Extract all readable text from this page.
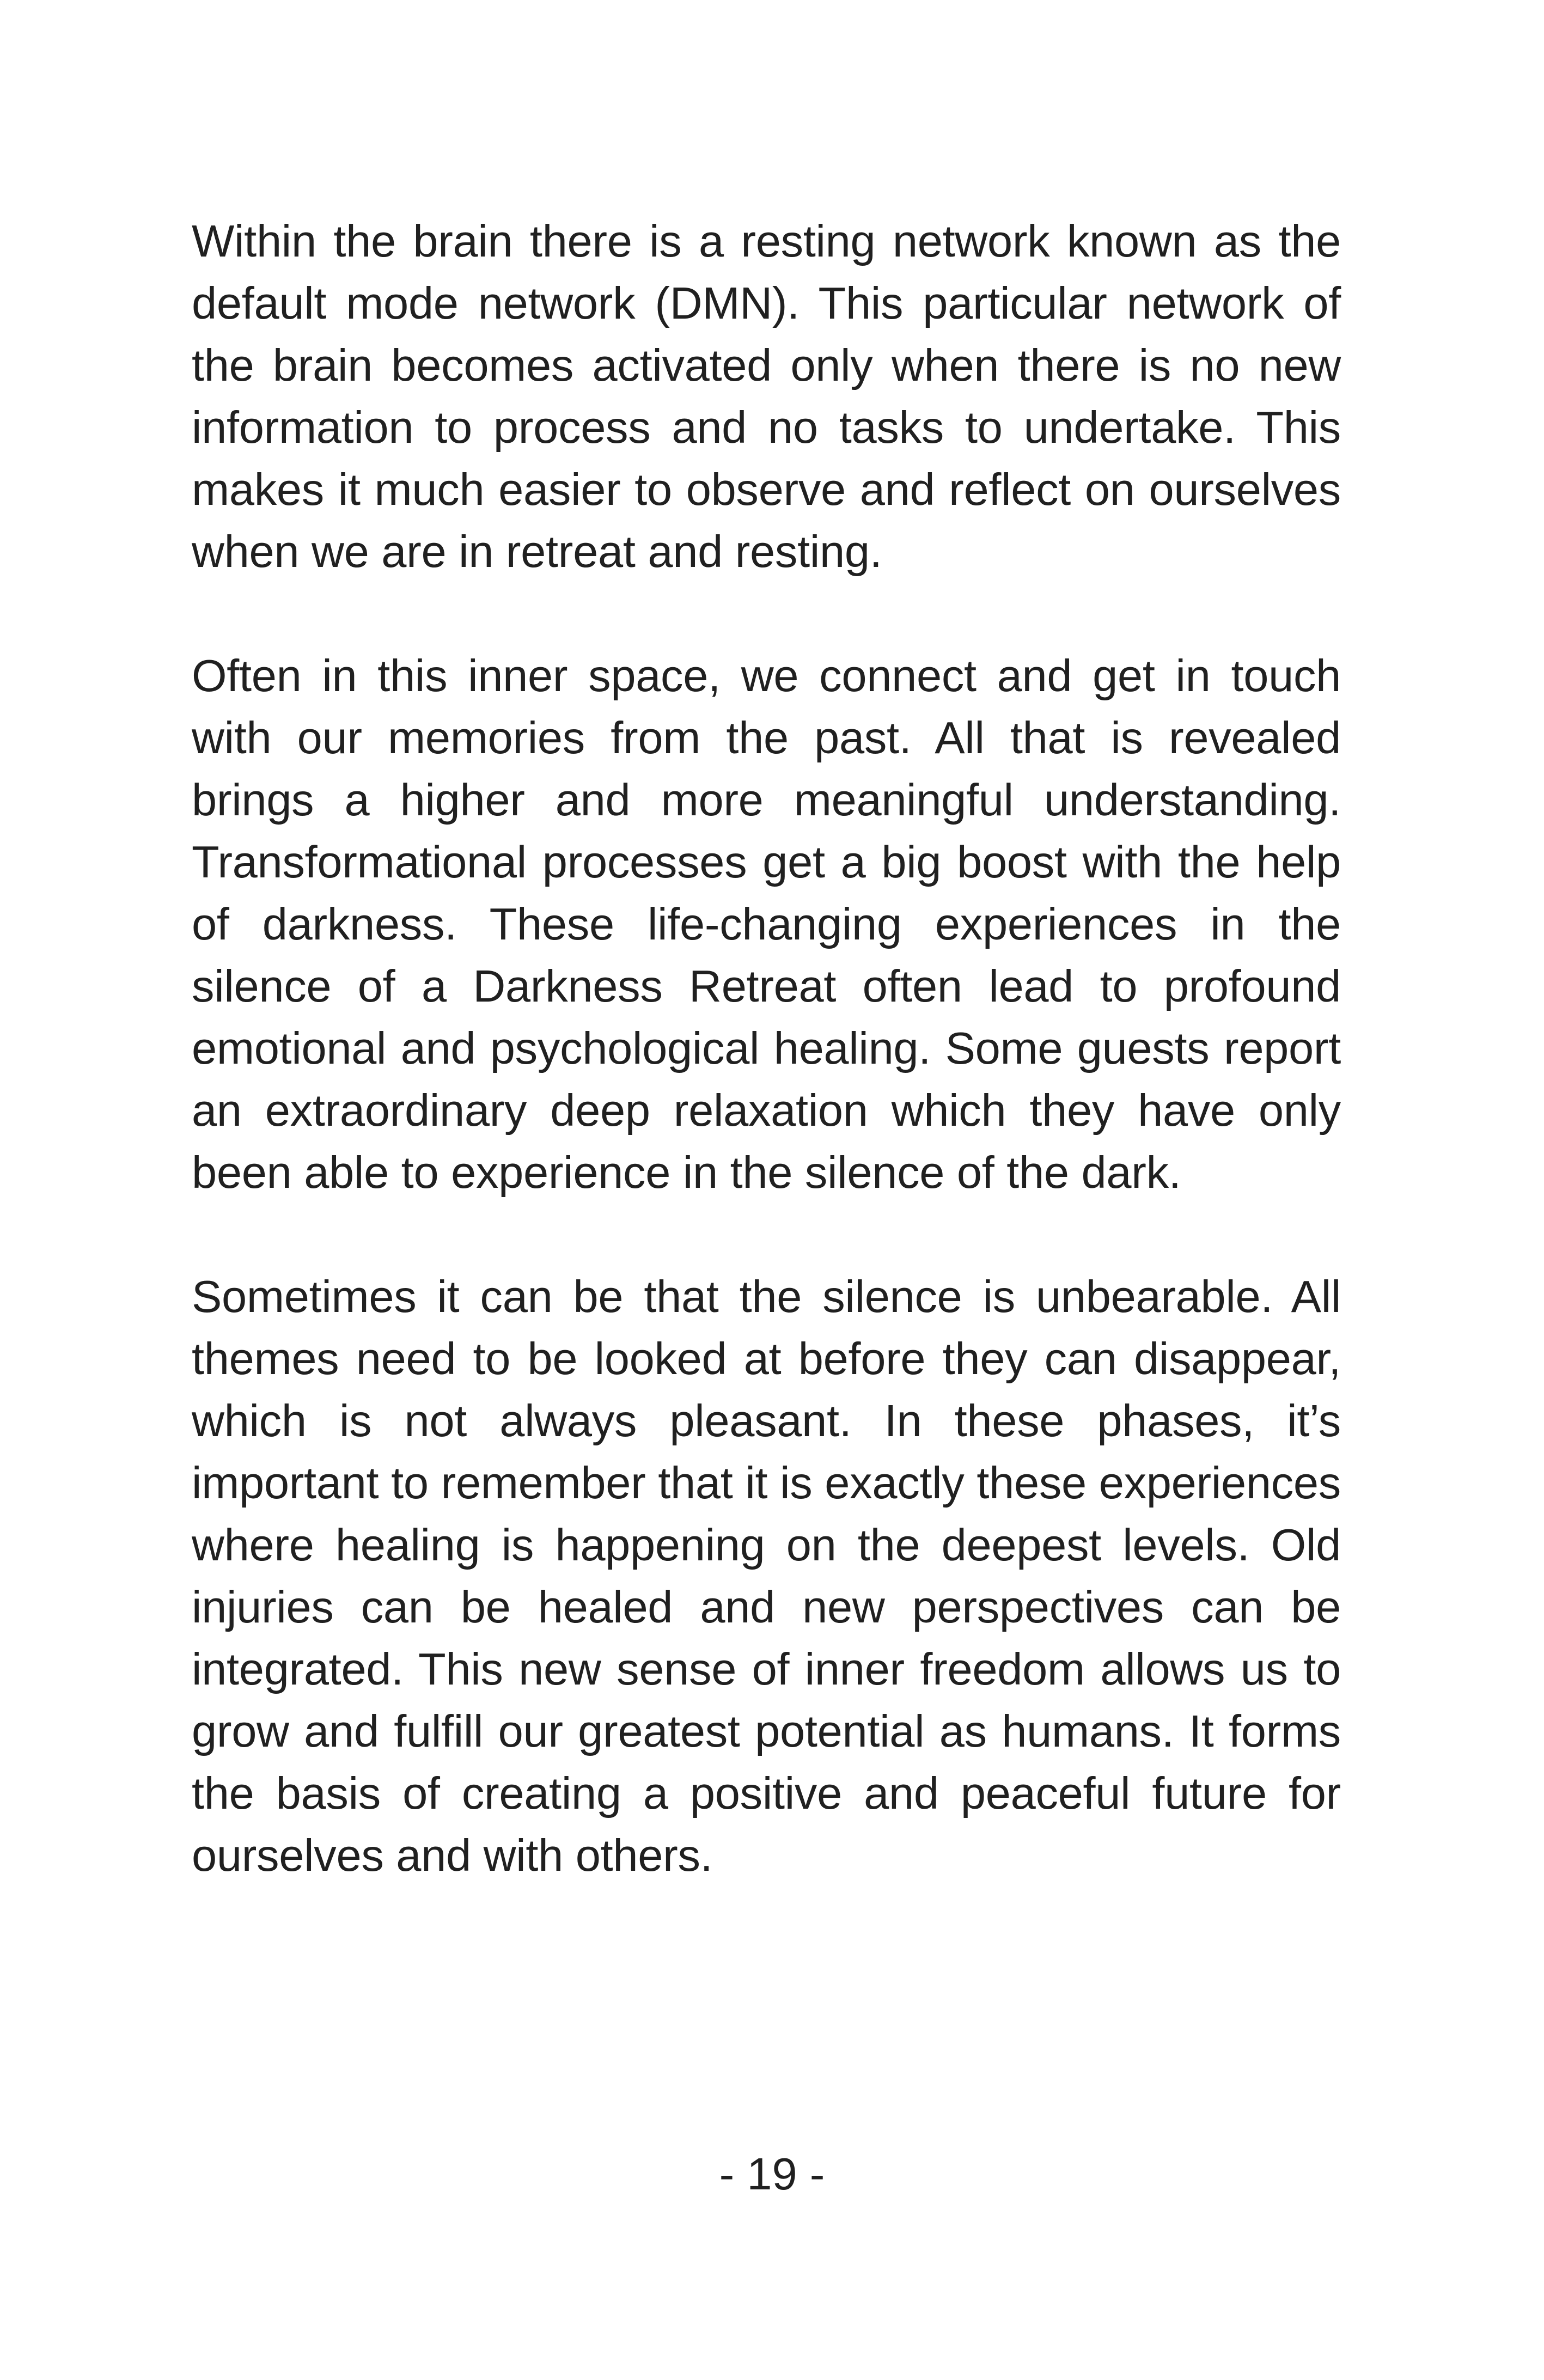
Within the brain there is a resting network known as the default mode network (DMN). This particular network of the brain becomes activated only when there is no new information to process and no tasks to undertake. This makes it much easier to observe and reflect on ourselves when we are in retreat and resting.

Often in this inner space, we connect and get in touch with our memories from the past. All that is revealed brings a higher and more meaningful understanding. Transformational processes get a big boost with the help of darkness. These life-changing experiences in the silence of a Darkness Retreat often lead to profound emotional and psychological healing. Some guests report an extraordinary deep relaxation which they have only been able to experience in the silence of the dark.

Sometimes it can be that the silence is unbearable. All themes need to be looked at before they can disappear, which is not always pleasant. In these phases, it’s important to remember that it is exactly these experiences where healing is happening on the deepest levels. Old injuries can be healed and new perspectives can be integrated. This new sense of inner freedom allows us to grow and fulfill our greatest potential as humans. It forms the basis of creating a positive and peaceful future for ourselves and with others.

- 19 -
